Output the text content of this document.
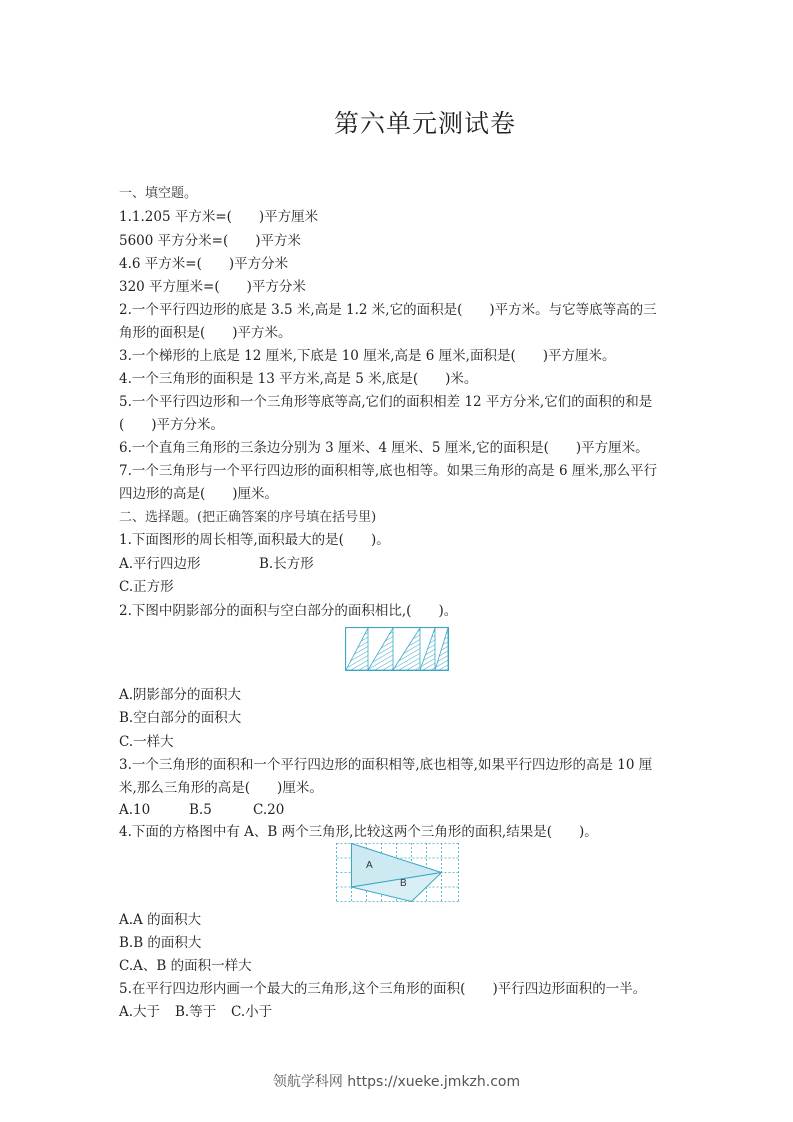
第六单元测试卷
一、填空题。
1.1.205 平方米=(　　)平方厘米
5600 平方分米=(　　)平方米
4.6 平方米=(　　)平方分米
320 平方厘米=(　　)平方分米
2.一个平行四边形的底是 3.5 米,高是 1.2 米,它的面积是(　　)平方米。与它等底等高的三
角形的面积是(　　)平方米。
3.一个梯形的上底是 12 厘米,下底是 10 厘米,高是 6 厘米,面积是(　　)平方厘米。
4.一个三角形的面积是 13 平方米,高是 5 米,底是(　　)米。
5.一个平行四边形和一个三角形等底等高,它们的面积相差 12 平方分米,它们的面积的和是
(　　)平方分米。
6.一个直角三角形的三条边分别为 3 厘米、4 厘米、5 厘米,它的面积是(　　)平方厘米。
7.一个三角形与一个平行四边形的面积相等,底也相等。如果三角形的高是 6 厘米,那么平行
四边形的高是(　　)厘米。
二、选择题。(把正确答案的序号填在括号里)
1.下面图形的周长相等,面积最大的是(　　)。
A.平行四边形	B.长方形
C.正方形
2.下图中阴影部分的面积与空白部分的面积相比,(　　)。
A.阴影部分的面积大
B.空白部分的面积大
C.一样大
3.一个三角形的面积和一个平行四边形的面积相等,底也相等,如果平行四边形的高是 10 厘
米,那么三角形的高是(　　)厘米。
A.10	B.5	C.20
4.下面的方格图中有 A、B 两个三角形,比较这两个三角形的面积,结果是(　　)。
A
B
A.A 的面积大
B.B 的面积大
C.A、B 的面积一样大
5.在平行四边形内画一个最大的三角形,这个三角形的面积(　　)平行四边形面积的一半。
A.大于 B.等于 C.小于
领航学科网 https://xueke.jmkzh.com
